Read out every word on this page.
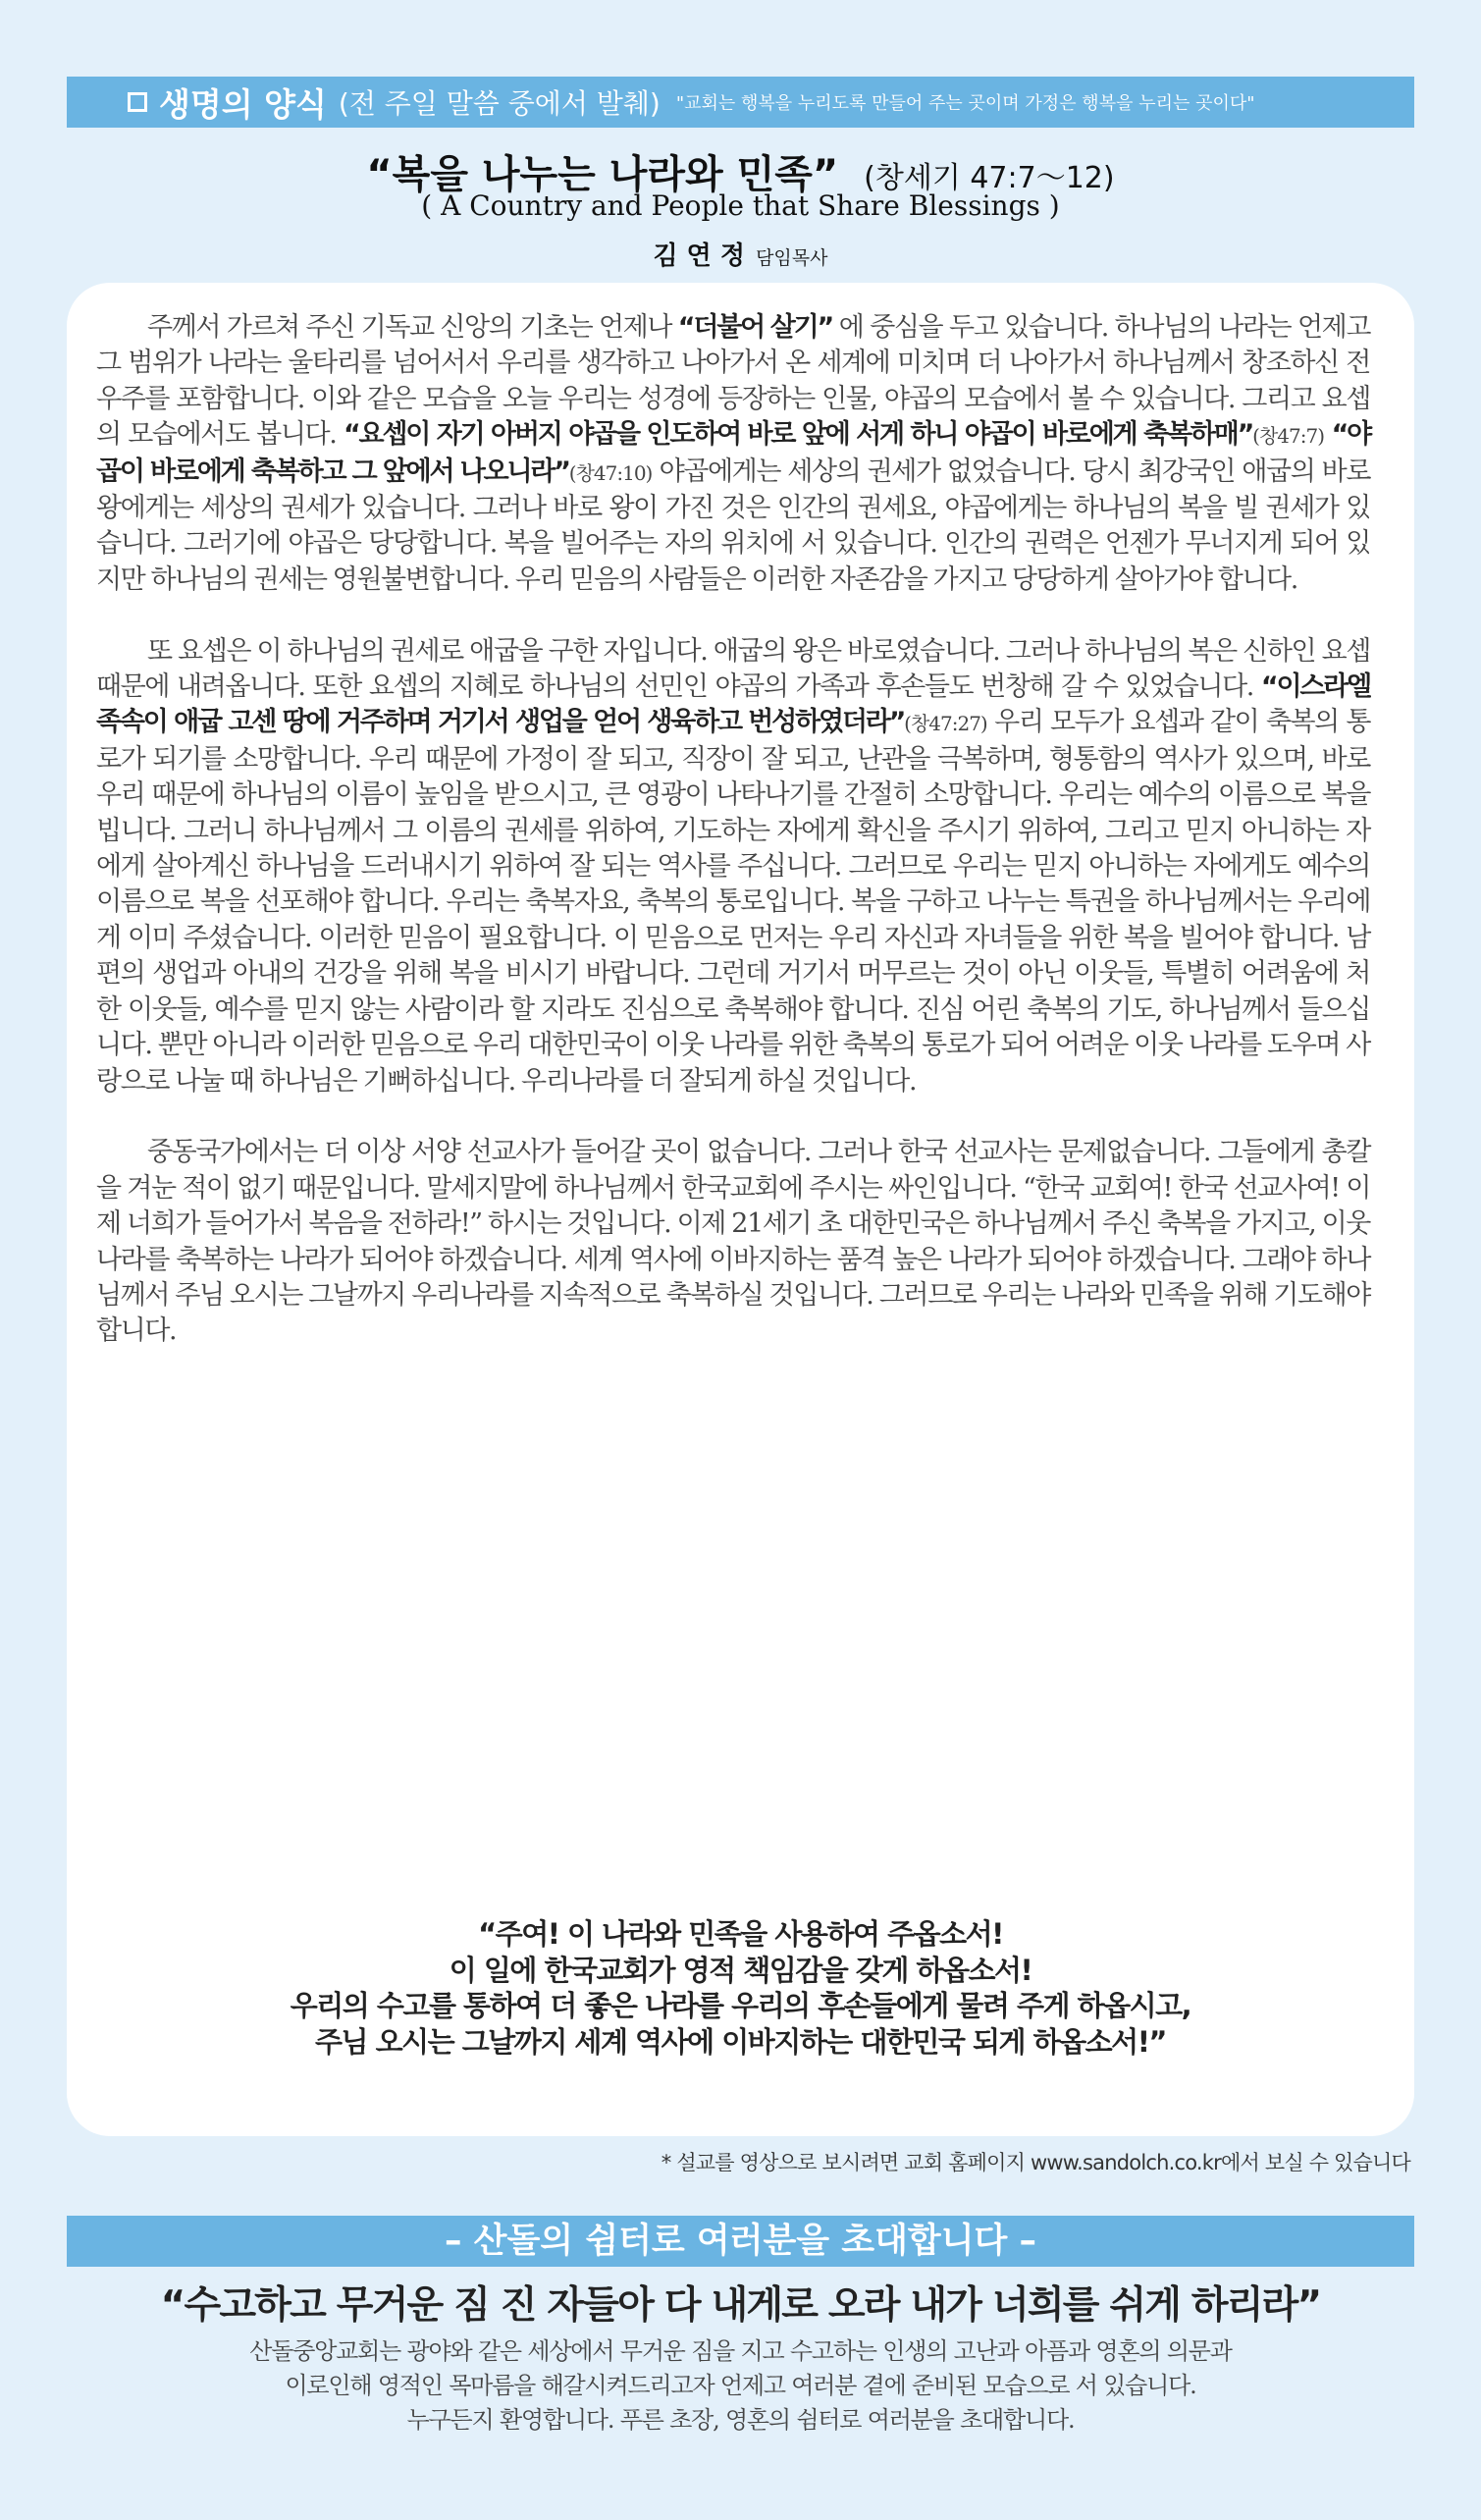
생명의 양식 (전 주일 말씀 중에서 발췌) "교회는 행복을 누리도록 만들어 주는 곳이며 가정은 행복을 누리는 곳이다"
“복을 나누는 나라와 민족” (창세기 47:7～12)
( A Country and People that Share Blessings )
김 연 정 담임목사

주께서 가르쳐 주신 기독교 신앙의 기초는 언제나 “더불어 살기” 에 중심을 두고 있습니다. 하나님의 나라는 언제고 그 범위가 나라는 울타리를 넘어서서 우리를 생각하고 나아가서 온 세계에 미치며 더 나아가서 하나님께서 창조하신 전 우주를 포함합니다. 이와 같은 모습을 오늘 우리는 성경에 등장하는 인물, 야곱의 모습에서 볼 수 있습니다. 그리고 요셉의 모습에서도 봅니다. “요셉이 자기 아버지 야곱을 인도하여 바로 앞에 서게 하니 야곱이 바로에게 축복하매”(창47:7) “야곱이 바로에게 축복하고 그 앞에서 나오니라”(창47:10) 야곱에게는 세상의 권세가 없었습니다. 당시 최강국인 애굽의 바로 왕에게는 세상의 권세가 있습니다. 그러나 바로 왕이 가진 것은 인간의 권세요, 야곱에게는 하나님의 복을 빌 권세가 있습니다. 그러기에 야곱은 당당합니다. 복을 빌어주는 자의 위치에 서 있습니다. 인간의 권력은 언젠가 무너지게 되어 있지만 하나님의 권세는 영원불변합니다. 우리 믿음의 사람들은 이러한 자존감을 가지고 당당하게 살아가야 합니다.

또 요셉은 이 하나님의 권세로 애굽을 구한 자입니다. 애굽의 왕은 바로였습니다. 그러나 하나님의 복은 신하인 요셉 때문에 내려옵니다. 또한 요셉의 지혜로 하나님의 선민인 야곱의 가족과 후손들도 번창해 갈 수 있었습니다. “이스라엘 족속이 애굽 고센 땅에 거주하며 거기서 생업을 얻어 생육하고 번성하였더라”(창47:27) 우리 모두가 요셉과 같이 축복의 통로가 되기를 소망합니다. 우리 때문에 가정이 잘 되고, 직장이 잘 되고, 난관을 극복하며, 형통함의 역사가 있으며, 바로 우리 때문에 하나님의 이름이 높임을 받으시고, 큰 영광이 나타나기를 간절히 소망합니다. 우리는 예수의 이름으로 복을 빕니다. 그러니 하나님께서 그 이름의 권세를 위하여, 기도하는 자에게 확신을 주시기 위하여, 그리고 믿지 아니하는 자에게 살아계신 하나님을 드러내시기 위하여 잘 되는 역사를 주십니다. 그러므로 우리는 믿지 아니하는 자에게도 예수의 이름으로 복을 선포해야 합니다. 우리는 축복자요, 축복의 통로입니다. 복을 구하고 나누는 특권을 하나님께서는 우리에게 이미 주셨습니다. 이러한 믿음이 필요합니다. 이 믿음으로 먼저는 우리 자신과 자녀들을 위한 복을 빌어야 합니다. 남편의 생업과 아내의 건강을 위해 복을 비시기 바랍니다. 그런데 거기서 머무르는 것이 아닌 이웃들, 특별히 어려움에 처한 이웃들, 예수를 믿지 않는 사람이라 할 지라도 진심으로 축복해야 합니다. 진심 어린 축복의 기도, 하나님께서 들으십니다. 뿐만 아니라 이러한 믿음으로 우리 대한민국이 이웃 나라를 위한 축복의 통로가 되어 어려운 이웃 나라를 도우며 사랑으로 나눌 때 하나님은 기뻐하십니다. 우리나라를 더 잘되게 하실 것입니다.

중동국가에서는 더 이상 서양 선교사가 들어갈 곳이 없습니다. 그러나 한국 선교사는 문제없습니다. 그들에게 총칼을 겨눈 적이 없기 때문입니다. 말세지말에 하나님께서 한국교회에 주시는 싸인입니다. “한국 교회여! 한국 선교사여! 이제 너희가 들어가서 복음을 전하라!” 하시는 것입니다. 이제 21세기 초 대한민국은 하나님께서 주신 축복을 가지고, 이웃 나라를 축복하는 나라가 되어야 하겠습니다. 세계 역사에 이바지하는 품격 높은 나라가 되어야 하겠습니다. 그래야 하나님께서 주님 오시는 그날까지 우리나라를 지속적으로 축복하실 것입니다. 그러므로 우리는 나라와 민족을 위해 기도해야 합니다.

“주여! 이 나라와 민족을 사용하여 주옵소서!
이 일에 한국교회가 영적 책임감을 갖게 하옵소서!
우리의 수고를 통하여 더 좋은 나라를 우리의 후손들에게 물려 주게 하옵시고,
주님 오시는 그날까지 세계 역사에 이바지하는 대한민국 되게 하옵소서!”
* 설교를 영상으로 보시려면 교회 홈페이지 www.sandolch.co.kr에서 보실 수 있습니다
– 산돌의 쉼터로 여러분을 초대합니다 –
“수고하고 무거운 짐 진 자들아 다 내게로 오라 내가 너희를 쉬게 하리라”
산돌중앙교회는 광야와 같은 세상에서 무거운 짐을 지고 수고하는 인생의 고난과 아픔과 영혼의 의문과
이로인해 영적인 목마름을 해갈시켜드리고자 언제고 여러분 곁에 준비된 모습으로 서 있습니다.
누구든지 환영합니다. 푸른 초장, 영혼의 쉼터로 여러분을 초대합니다.
